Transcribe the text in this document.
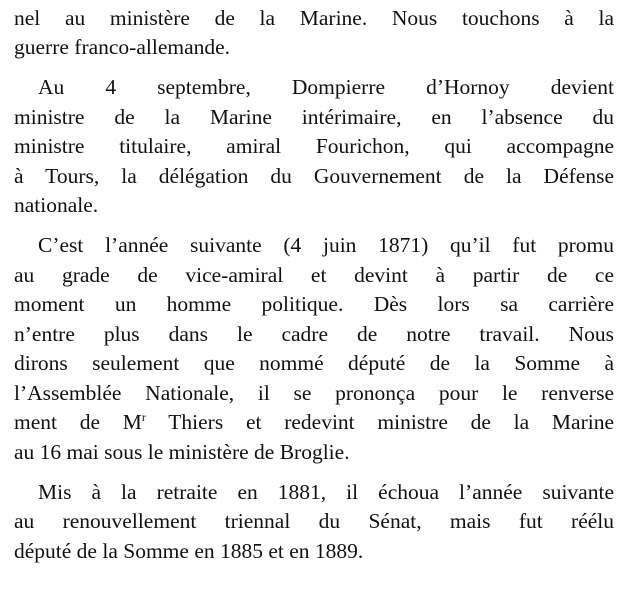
nel au ministère de la Marine. Nous touchons à la
guerre franco-allemande.
Au 4 septembre, Dompierre d’Hornoy devient
ministre de la Marine intérimaire, en l’absence du
ministre titulaire, amiral Fourichon, qui accompagne
à Tours, la délégation du Gouvernement de la Défense
nationale.
C’est l’année suivante (4 juin 1871) qu’il fut promu
au grade de vice-amiral et devint à partir de ce
moment un homme politique. Dès lors sa carrière
n’entre plus dans le cadre de notre travail. Nous
dirons seulement que nommé député de la Somme à
l’Assemblée Nationale, il se prononça pour le renverse
ment de $M^r$ Thiers et redevint ministre de la Marine
au 16 mai sous le ministère de Broglie.
Mis à la retraite en 1881, il échoua l’année suivante
au renouvellement triennal du Sénat, mais fut réélu
député de la Somme en 1885 et en 1889.
